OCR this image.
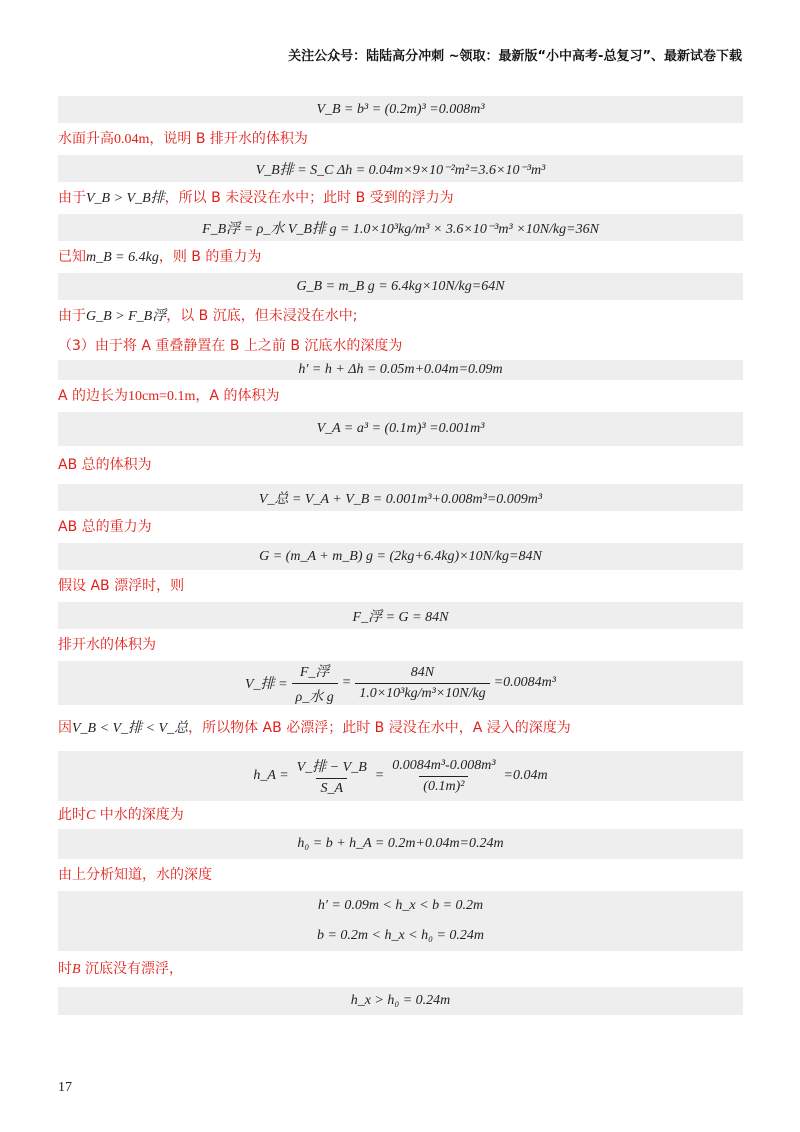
关注公众号：陆陆高分冲刺 ~领取：最新版“小中高考-总复习”、最新试卷下载
V_B = b³ = (0.2m)³ =0.008m³
水面升高0.04m，说明 B 排开水的体积为
V_B排 = S_C Δh = 0.04m×9×10⁻²m²=3.6×10⁻³m³
由于V_B > V_B排，所以 B 未浸没在水中；此时 B 受到的浮力为
F_B浮 = ρ_水 V_B排 g = 1.0×10³kg/m³ × 3.6×10⁻³m³ ×10N/kg=36N
已知m_B = 6.4kg，则 B 的重力为
G_B = m_B g = 6.4kg×10N/kg=64N
由于G_B > F_B浮，以 B 沉底，但未浸没在水中;
（3）由于将 A 重叠静置在 B 上之前 B 沉底水的深度为
h′ = h + Δh = 0.05m+0.04m=0.09m
A 的边长为10cm=0.1m，A 的体积为
V_A = a³ = (0.1m)³ =0.001m³
AB 总的体积为
V_总 = V_A + V_B = 0.001m³+0.008m³=0.009m³
AB 总的重力为
G = (m_A + m_B) g = (2kg+6.4kg)×10N/kg=84N
假设 AB 漂浮时，则
F_浮 = G = 84N
排开水的体积为
V_排 = $\frac{\text{F\_浮}}{\text{ρ\_水 g}} = \frac{84N}{\text{1.0×10³kg/m³×10N/kg}} =0.0084m^3$
因V_B < V_排 < V_总，所以物体 AB 必漂浮；此时 B 浸没在水中，A 浸入的深度为
h_A = $\frac{\text{V\_排 − V\_B}}{S\_A} = \frac{\text{0.0084m³-0.008m³}}{\text{(0.1m)²}} =0.04m$
此时C 中水的深度为
h₀ = b + h_A = 0.2m+0.04m=0.24m
由上分析知道，水的深度
h′ = 0.09m < h_x < b = 0.2m
b = 0.2m < h_x < h₀ = 0.24m
时B 沉底没有漂浮，
h_x > h₀ = 0.24m
17
